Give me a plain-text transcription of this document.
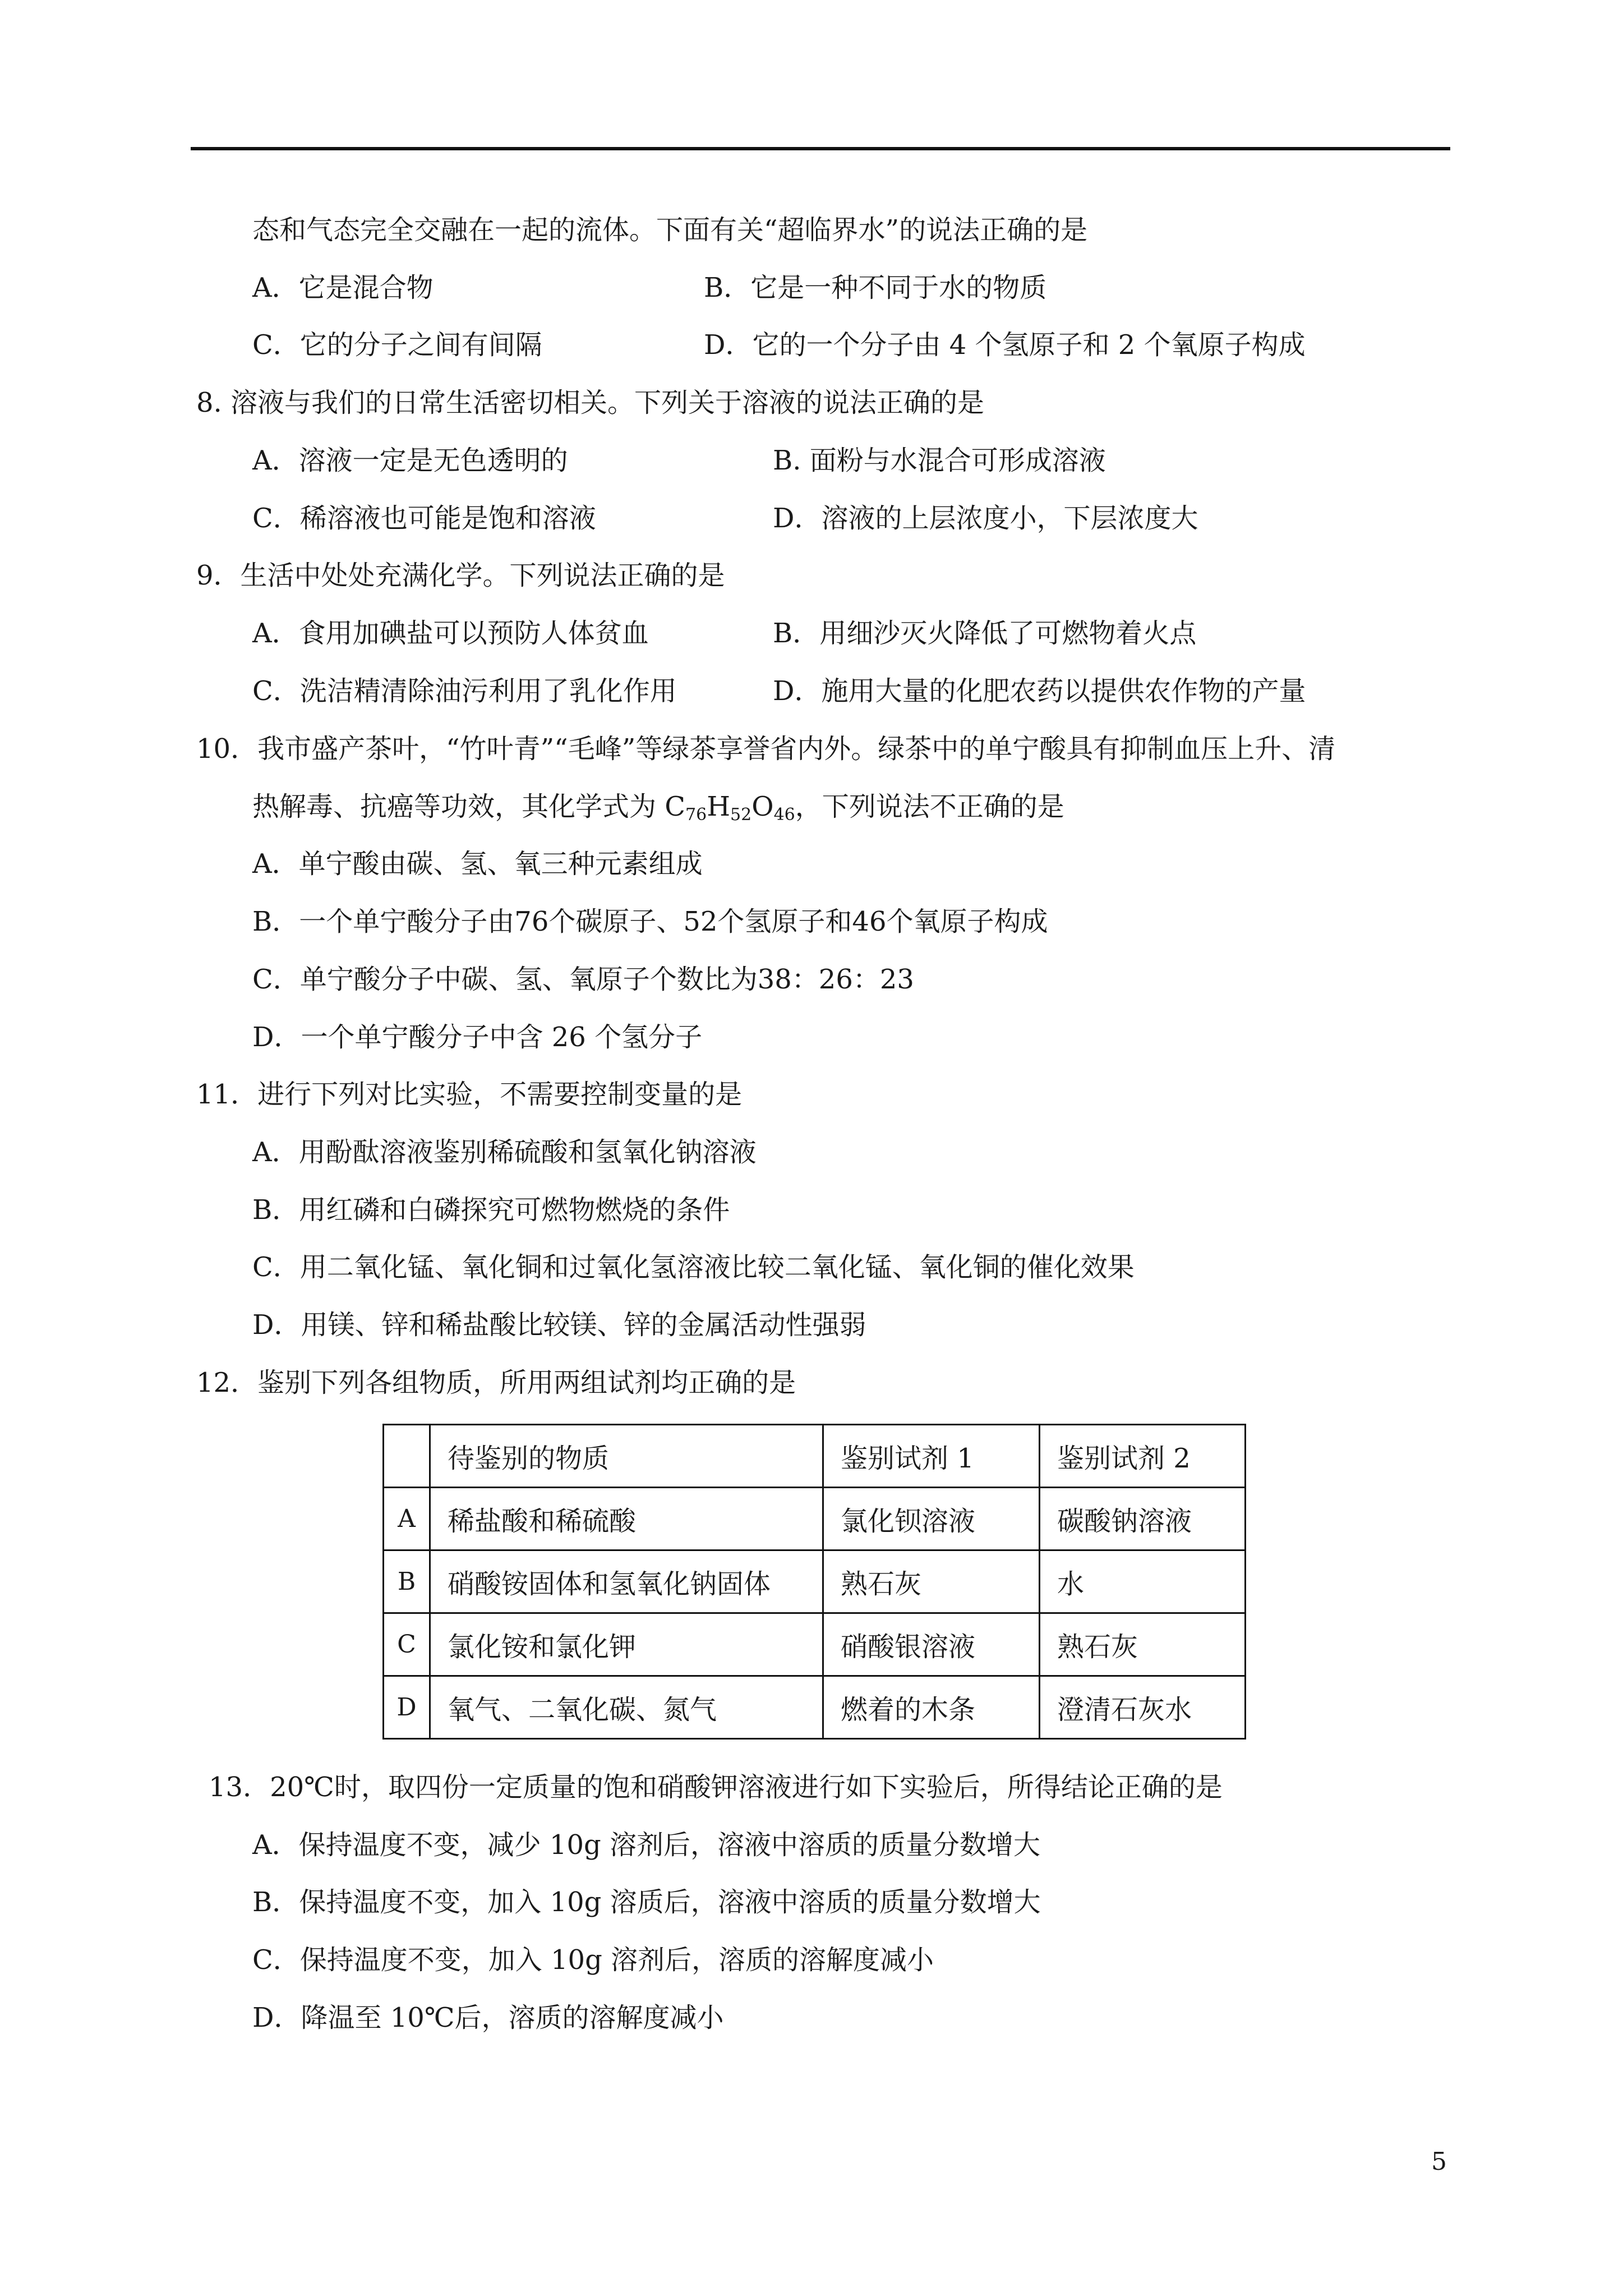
态和气态完全交融在一起的流体。下面有关“超临界水”的说法正确的是
A．它是混合物	B．它是一种不同于水的物质
C．它的分子之间有间隔	D．它的一个分子由 4 个氢原子和 2 个氧原子构成
8. 溶液与我们的日常生活密切相关。下列关于溶液的说法正确的是
A．溶液一定是无色透明的	B. 面粉与水混合可形成溶液
C．稀溶液也可能是饱和溶液	D．溶液的上层浓度小，下层浓度大
9．生活中处处充满化学。下列说法正确的是
A．食用加碘盐可以预防人体贫血	B．用细沙灭火降低了可燃物着火点
C．洗洁精清除油污利用了乳化作用	D．施用大量的化肥农药以提供农作物的产量
10．我市盛产茶叶，“竹叶青”“毛峰”等绿茶享誉省内外。绿茶中的单宁酸具有抑制血压上升、清
热解毒、抗癌等功效，其化学式为 $C_{76}H_{52}O_{46}$，下列说法不正确的是
A．单宁酸由碳、氢、氧三种元素组成
B．一个单宁酸分子由76个碳原子、52个氢原子和46个氧原子构成
C．单宁酸分子中碳、氢、氧原子个数比为38：26：23
D．一个单宁酸分子中含 26 个氢分子
11．进行下列对比实验，不需要控制变量的是
A．用酚酞溶液鉴别稀硫酸和氢氧化钠溶液
B．用红磷和白磷探究可燃物燃烧的条件
C．用二氧化锰、氧化铜和过氧化氢溶液比较二氧化锰、氧化铜的催化效果
D．用镁、锌和稀盐酸比较镁、锌的金属活动性强弱
12．鉴别下列各组物质，所用两组试剂均正确的是
	待鉴别的物质	鉴别试剂 1	鉴别试剂 2
A	稀盐酸和稀硫酸	氯化钡溶液	碳酸钠溶液
B	硝酸铵固体和氢氧化钠固体	熟石灰	水
C	氯化铵和氯化钾	硝酸银溶液	熟石灰
D	氧气、二氧化碳、氮气	燃着的木条	澄清石灰水
13．20℃时，取四份一定质量的饱和硝酸钾溶液进行如下实验后，所得结论正确的是
A．保持温度不变，减少 10g 溶剂后，溶液中溶质的质量分数增大
B．保持温度不变，加入 10g 溶质后，溶液中溶质的质量分数增大
C．保持温度不变，加入 10g 溶剂后，溶质的溶解度减小
D．降温至 10℃后，溶质的溶解度减小
5
